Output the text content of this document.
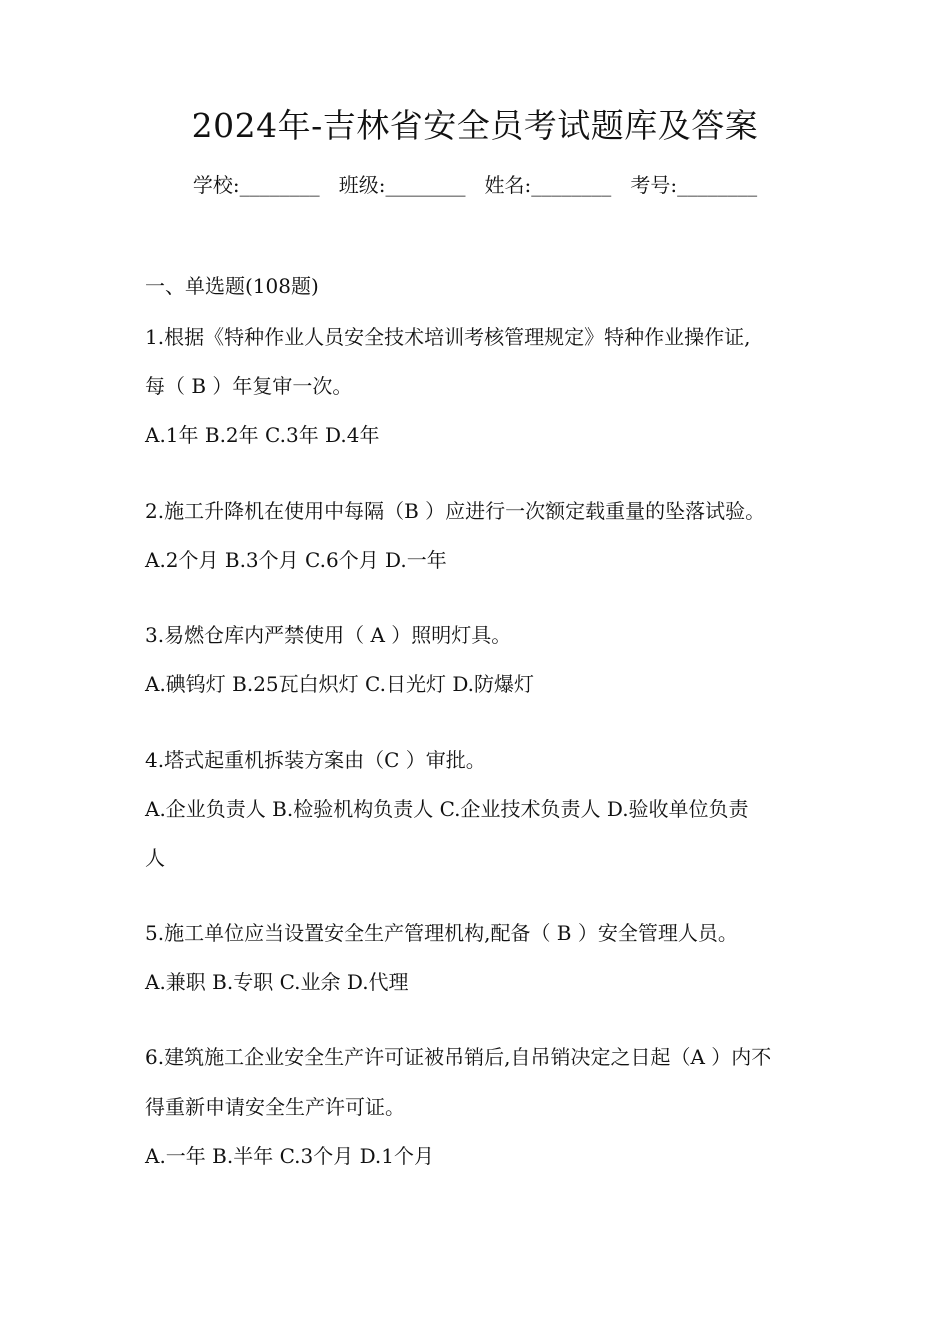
2024年-吉林省安全员考试题库及答案
学校:________ 班级:________ 姓名:________ 考号:________
一、单选题(108题)
1.根据《特种作业人员安全技术培训考核管理规定》特种作业操作证,
每（ B ）年复审一次。
A.1年 B.2年 C.3年 D.4年
2.施工升降机在使用中每隔（B ）应进行一次额定载重量的坠落试验。
A.2个月 B.3个月 C.6个月 D.一年
3.易燃仓库内严禁使用（ A ）照明灯具。
A.碘钨灯 B.25瓦白炽灯 C.日光灯 D.防爆灯
4.塔式起重机拆装方案由（C ）审批。
A.企业负责人 B.检验机构负责人 C.企业技术负责人 D.验收单位负责
人
5.施工单位应当设置安全生产管理机构,配备（ B ）安全管理人员。
A.兼职 B.专职 C.业余 D.代理
6.建筑施工企业安全生产许可证被吊销后,自吊销决定之日起（A ）内不
得重新申请安全生产许可证。
A.一年 B.半年 C.3个月 D.1个月
